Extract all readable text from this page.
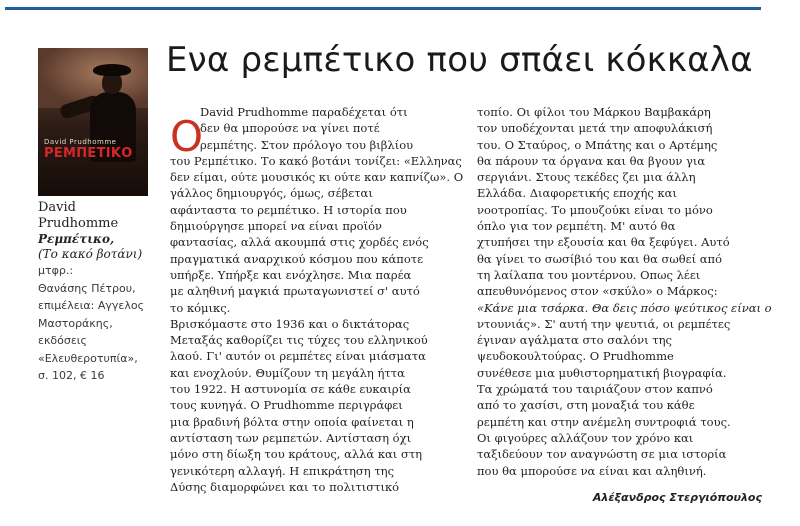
David Prudhomme
ΡΕΜΠΕΤΙΚΟ
David
Prudhomme
Ρεμπέτικο,
(Το κακό βοτάνι)
μτφρ.:
Θανάσης Πέτρου,
επιμέλεια: Αγγελος
Μαστοράκης,
εκδόσεις
«Ελευθεροτυπία»,
σ. 102, € 16
Ενα ρεμπέτικο που σπάει κόκκαλα
Ο
David Prudhomme παραδέχεται ότι
δεν θα μπορούσε να γίνει ποτέ
ρεμπέτης. Στον πρόλογο του βιβλίου
του Ρεμπέτικο. Το κακό βοτάνι τονίζει: «Ελληνας
δεν είμαι, ούτε μουσικός κι ούτε καν καπνίζω». Ο
γάλλος δημιουργός, όμως, σέβεται
αφάνταστα το ρεμπέτικο. Η ιστορία που
δημιούργησε μπορεί να είναι προϊόν
φαντασίας, αλλά ακουμπά στις χορδές ενός
πραγματικά αναρχικού κόσμου που κάποτε
υπήρξε. Υπήρξε και ενόχλησε. Μια παρέα
με αληθινή μαγκιά πρωταγωνιστεί σ' αυτό
το κόμικς.
Βρισκόμαστε στο 1936 και ο δικτάτορας
Μεταξάς καθορίζει τις τύχες του ελληνικού
λαού. Γι' αυτόν οι ρεμπέτες είναι μιάσματα
και ενοχλούν. Θυμίζουν τη μεγάλη ήττα
του 1922. Η αστυνομία σε κάθε ευκαιρία
τους κυνηγά. Ο Prudhomme περιγράφει
μια βραδινή βόλτα στην οποία φαίνεται η
αντίσταση των ρεμπετών. Αντίσταση όχι
μόνο στη δίωξη του κράτους, αλλά και στη
γενικότερη αλλαγή. Η επικράτηση της
Δύσης διαμορφώνει και το πολιτιστικό
τοπίο. Οι φίλοι του Μάρκου Βαμβακάρη
τον υποδέχονται μετά την αποφυλάκισή
του. Ο Σταύρος, ο Μπάτης και ο Αρτέμης
θα πάρουν τα όργανα και θα βγουν για
σεργιάνι. Στους τεκέδες ζει μια άλλη
Ελλάδα. Διαφορετικής εποχής και
νοοτροπίας. Το μπουζούκι είναι το μόνο
όπλο για τον ρεμπέτη. Μ' αυτό θα
χτυπήσει την εξουσία και θα ξεφύγει. Αυτό
θα γίνει το σωσίβιό του και θα σωθεί από
τη λαίλαπα του μοντέρνου. Οπως λέει
απευθυνόμενος στον «σκύλο» ο Μάρκος:
«Κάνε μια τσάρκα. Θα δεις πόσο ψεύτικος είναι ο
ντουνιάς». Σ' αυτή την ψευτιά, οι ρεμπέτες
έγιναν αγάλματα στο σαλόνι της
ψευδοκουλτούρας. Ο Prudhomme
συνέθεσε μια μυθιστορηματική βιογραφία.
Τα χρώματά του ταιριάζουν στον καπνό
από το χασίσι, στη μοναξιά του κάθε
ρεμπέτη και στην ανέμελη συντροφιά τους.
Οι φιγούρες αλλάζουν τον χρόνο και
ταξιδεύουν τον αναγνώστη σε μια ιστορία
που θα μπορούσε να είναι και αληθινή.
Αλέξανδρος Στεργιόπουλος
